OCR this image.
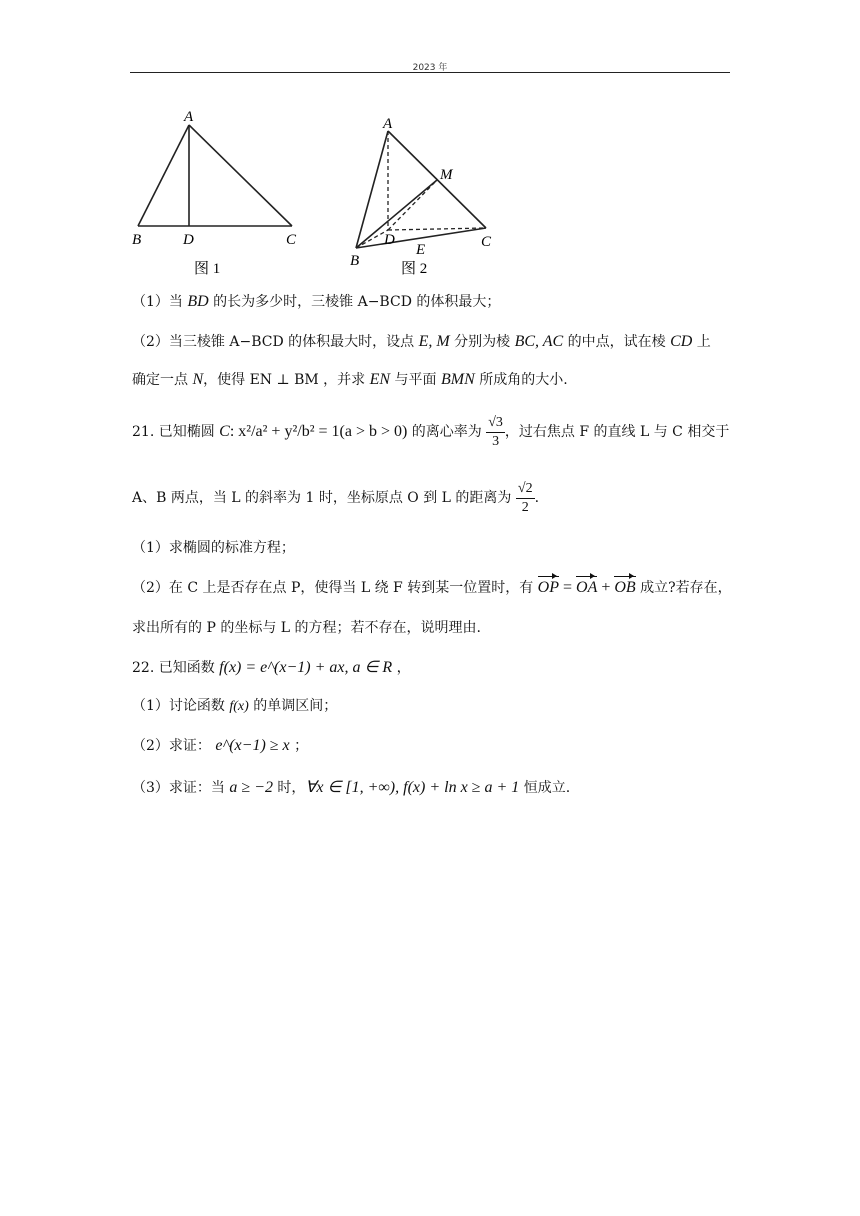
2023 年
A
B	D	C
图 1
A
M
D
E	C
B	图 2
（1）当 BD 的长为多少时，三棱锥 A−BCD 的体积最大；
（2）当三棱锥 A−BCD 的体积最大时，设点 E, M 分别为棱 BC, AC 的中点，试在棱 CD 上
确定一点 N，使得 EN ⊥ BM ，并求 EN 与平面 BMN 所成角的大小.
21. 已知椭圆 C: x²/a² + y²/b² = 1(a > b > 0) 的离心率为 $\frac{√3}{3}$ ，过右焦点 F 的直线 L 与 C 相交于
A、B 两点，当 L 的斜率为 1 时，坐标原点 O 到 L 的距离为 $\frac{√2}{2}$ .
（1）求椭圆的标准方程；
（2）在 C 上是否存在点 P，使得当 L 绕 F 转到某一位置时，有 OP = OA + OB 成立?若存在，
求出所有的 P 的坐标与 L 的方程；若不存在，说明理由.
22. 已知函数 f(x) = e^(x−1) + ax, a ∈ R ，
（1）讨论函数 f(x) 的单调区间；
（2）求证： e^(x−1) ≥ x ；
（3）求证：当 a ≥ −2 时，∀x ∈ [1, +∞), f(x) + ln x ≥ a + 1 恒成立.
